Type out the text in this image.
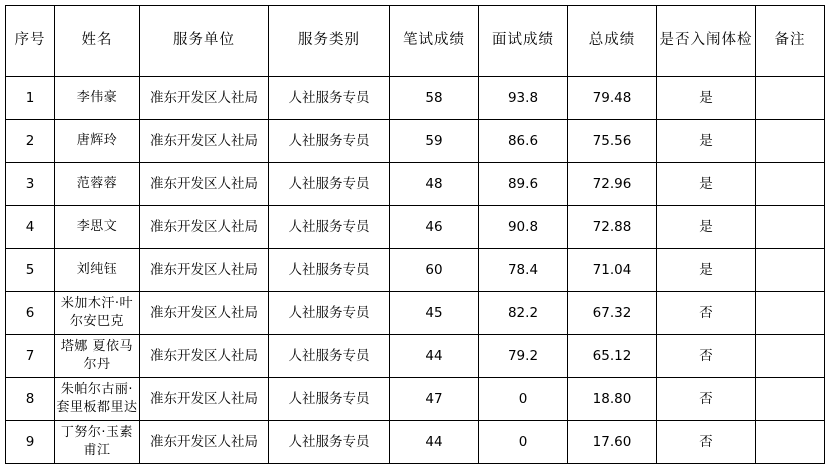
序号	姓名	服务单位	服务类别	笔试成绩	面试成绩	总成绩	是否入闱体检	备注
1	李伟豪	准东开发区人社局	人社服务专员	58	93.8	79.48	是	
2	唐辉玲	准东开发区人社局	人社服务专员	59	86.6	75.56	是	
3	范蓉蓉	准东开发区人社局	人社服务专员	48	89.6	72.96	是	
4	李思文	准东开发区人社局	人社服务专员	46	90.8	72.88	是	
5	刘纯钰	准东开发区人社局	人社服务专员	60	78.4	71.04	是	
6	米加木汗·叶尔安巴克	准东开发区人社局	人社服务专员	45	82.2	67.32	否	
7	塔娜 夏依马尔丹	准东开发区人社局	人社服务专员	44	79.2	65.12	否	
8	朱帕尔古丽·套里板都里达	准东开发区人社局	人社服务专员	47	0	18.80	否	
9	丁努尔·玉素甫江	准东开发区人社局	人社服务专员	44	0	17.60	否	
